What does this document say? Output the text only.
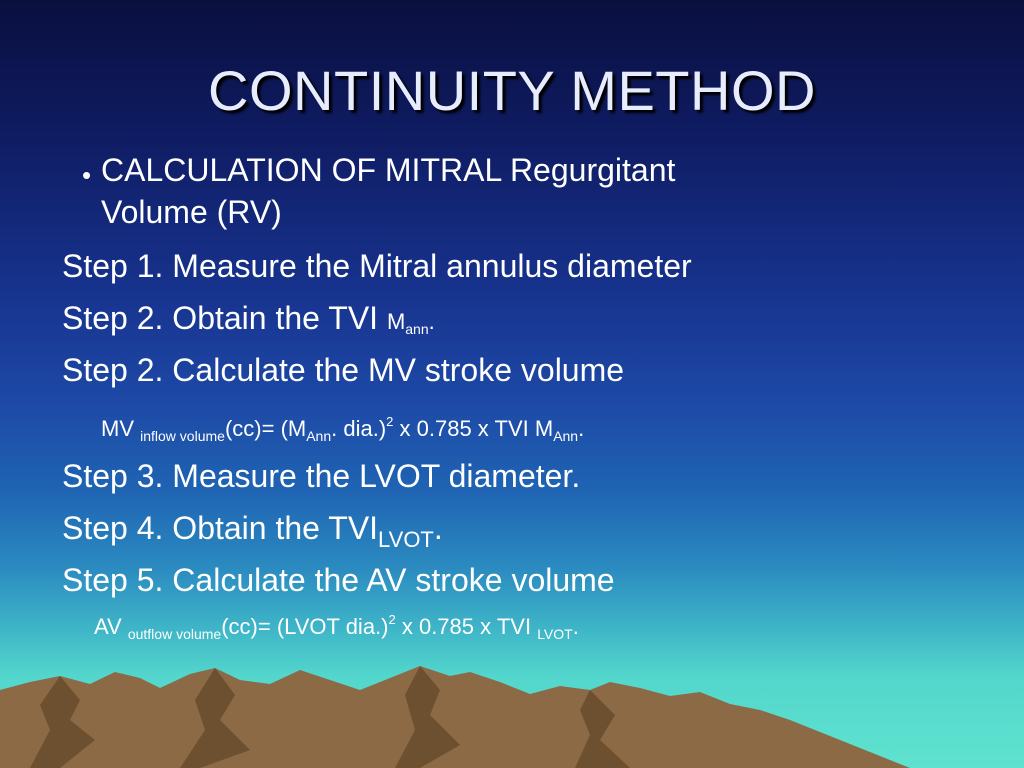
CONTINUITY METHOD
• CALCULATION OF MITRAL Regurgitant
Volume (RV)
Step 1. Measure the Mitral annulus diameter
Step 2. Obtain the TVI $M_{ann}$.
Step 2. Calculate the MV stroke volume
MV $_{inflow volume}(cc)= (M_{Ann}$. dia.)$^2$ x 0.785 x TVI $M_{Ann}$.
Step 3. Measure the LVOT diameter.
Step 4. Obtain the $TVI_{LVOT}$.
Step 5. Calculate the AV stroke volume
AV $_{outflow volume}$(cc)= (LVOT dia.)$^2$ x 0.785 x TVI $_{LVOT}$.
